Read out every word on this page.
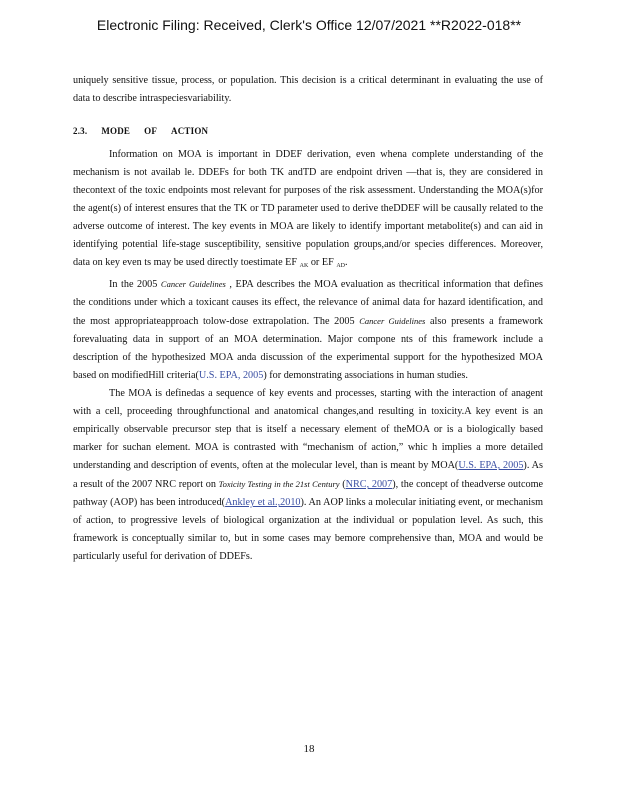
Electronic Filing: Received, Clerk's Office 12/07/2021 **R2022-018**

uniquely sensitive tissue, process, or population. This decision is a critical determinant in evaluating the use of data to describe intraspeciesvariability.

2.3. MODE OF ACTION

Information on MOA is important in DDEF derivation, even whena complete understanding of the mechanism is not availab le. DDEFs for both TK andTD are endpoint driven —that is, they are considered in thecontext of the toxic endpoints most relevant for purposes of the risk assessment. Understanding the MOA(s)for the agent(s) of interest ensures that the TK or TD parameter used to derive theDDEF will be causally related to the adverse outcome of interest. The key events in MOA are likely to identify important metabolite(s) and can aid in identifying potential life-stage susceptibility, sensitive population groups,and/or species differences. Moreover, data on key even ts may be used directly toestimate EF $_{AK}$ or EF $_{AD}$.

In the 2005 Cancer Guidelines , EPA describes the MOA evaluation as thecritical information that defines the conditions under which a toxicant causes its effect, the relevance of animal data for hazard identification, and the most appropriateapproach tolow-dose extrapolation. The 2005 Cancer Guidelines also presents a framework forevaluating data in support of an MOA determination. Major compone nts of this framework include a description of the hypothesized MOA anda discussion of the experimental support for the hypothesized MOA based on modifiedHill criteria(U.S. EPA, 2005) for demonstrating associations in human studies.

The MOA is definedas a sequence of key events and processes, starting with the interaction of anagent with a cell, proceeding throughfunctional and anatomical changes,and resulting in toxicity.A key event is an empirically observable precursor step that is itself a necessary element of theMOA or is a biologically based marker for suchan element. MOA is contrasted with “mechanism of action,” whic h implies a more detailed understanding and description of events, often at the molecular level, than is meant by MOA(U.S. EPA, 2005). As a result of the 2007 NRC report on Toxicity Testing in the 21st Century (NRC, 2007), the concept of theadverse outcome pathway (AOP) has been introduced(Ankley et al.,2010). An AOP links a molecular initiating event, or mechanism of action, to progressive levels of biological organization at the individual or population level. As such, this framework is conceptually similar to, but in some cases may bemore comprehensive than, MOA and would be particularly useful for derivation of DDEFs.

18
